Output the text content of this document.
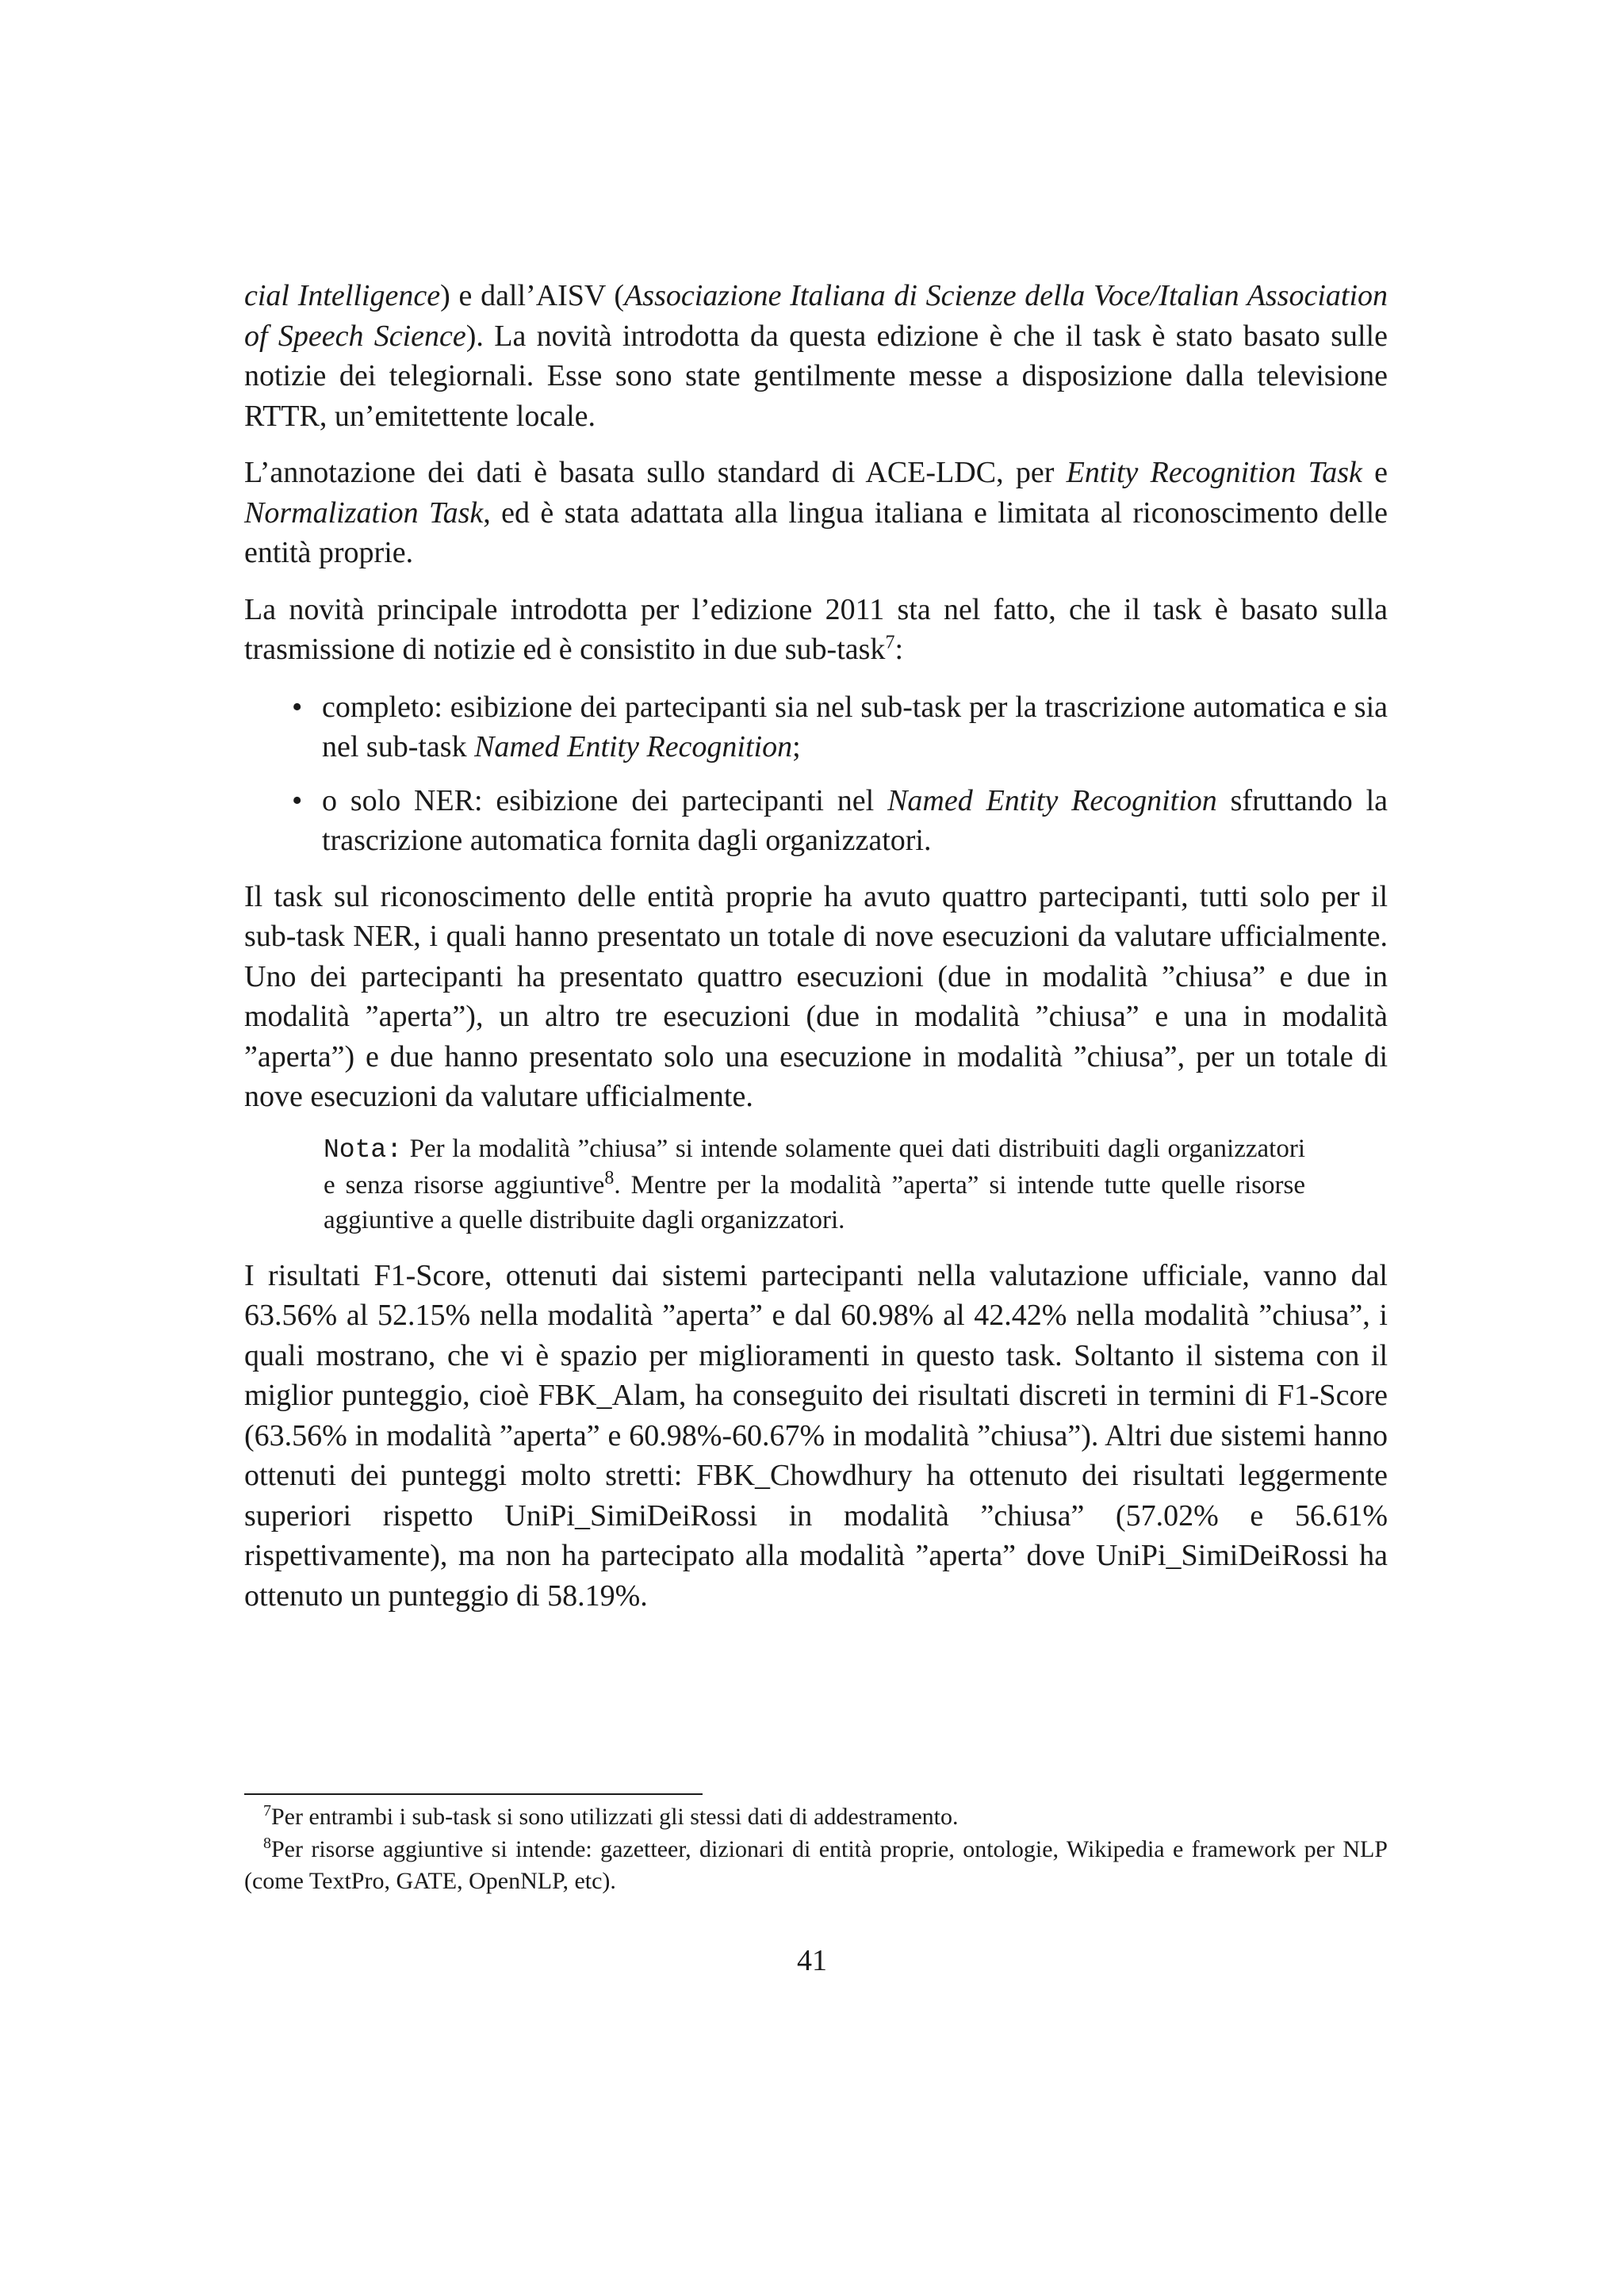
cial Intelligence) e dall’AISV (Associazione Italiana di Scienze della Voce/Italian Association of Speech Science). La novità introdotta da questa edizione è che il task è stato basato sulle notizie dei telegiornali. Esse sono state gentilmente messe a disposizione dalla televisione RTTR, un’emitettente locale.

L’annotazione dei dati è basata sullo standard di ACE-LDC, per Entity Recognition Task e Normalization Task, ed è stata adattata alla lingua italiana e limitata al riconoscimento delle entità proprie.

La novità principale introdotta per l’edizione 2011 sta nel fatto, che il task è basato sulla trasmissione di notizie ed è consistito in due sub-task$^7$:

• completo: esibizione dei partecipanti sia nel sub-task per la trascrizione automatica e sia nel sub-task Named Entity Recognition;
• o solo NER: esibizione dei partecipanti nel Named Entity Recognition sfruttando la trascrizione automatica fornita dagli organizzatori.

Il task sul riconoscimento delle entità proprie ha avuto quattro partecipanti, tutti solo per il sub-task NER, i quali hanno presentato un totale di nove esecuzioni da valutare ufficialmente. Uno dei partecipanti ha presentato quattro esecuzioni (due in modalità ”chiusa” e due in modalità ”aperta”), un altro tre esecuzioni (due in modalità ”chiusa” e una in modalità ”aperta”) e due hanno presentato solo una esecuzione in modalità ”chiusa”, per un totale di nove esecuzioni da valutare ufficialmente.

Nota: Per la modalità ”chiusa” si intende solamente quei dati distribuiti dagli organizzatori e senza risorse aggiuntive$^8$. Mentre per la modalità ”aperta” si intende tutte quelle risorse aggiuntive a quelle distribuite dagli organizzatori.

I risultati F1-Score, ottenuti dai sistemi partecipanti nella valutazione ufficiale, vanno dal 63.56% al 52.15% nella modalità ”aperta” e dal 60.98% al 42.42% nella modalità ”chiusa”, i quali mostrano, che vi è spazio per miglioramenti in questo task. Soltanto il sistema con il miglior punteggio, cioè FBK_Alam, ha conseguito dei risultati discreti in termini di F1-Score (63.56% in modalità ”aperta” e 60.98%-60.67% in modalità ”chiusa”). Altri due sistemi hanno ottenuti dei punteggi molto stretti: FBK_Chowdhury ha ottenuto dei risultati leggermente superiori rispetto UniPi_SimiDeiRossi in modalità ”chiusa” (57.02% e 56.61% rispettivamente), ma non ha partecipato alla modalità ”aperta” dove UniPi_SimiDeiRossi ha ottenuto un punteggio di 58.19%.

$^7$Per entrambi i sub-task si sono utilizzati gli stessi dati di addestramento.

$^8$Per risorse aggiuntive si intende: gazetteer, dizionari di entità proprie, ontologie, Wikipedia e framework per NLP (come TextPro, GATE, OpenNLP, etc).

41
